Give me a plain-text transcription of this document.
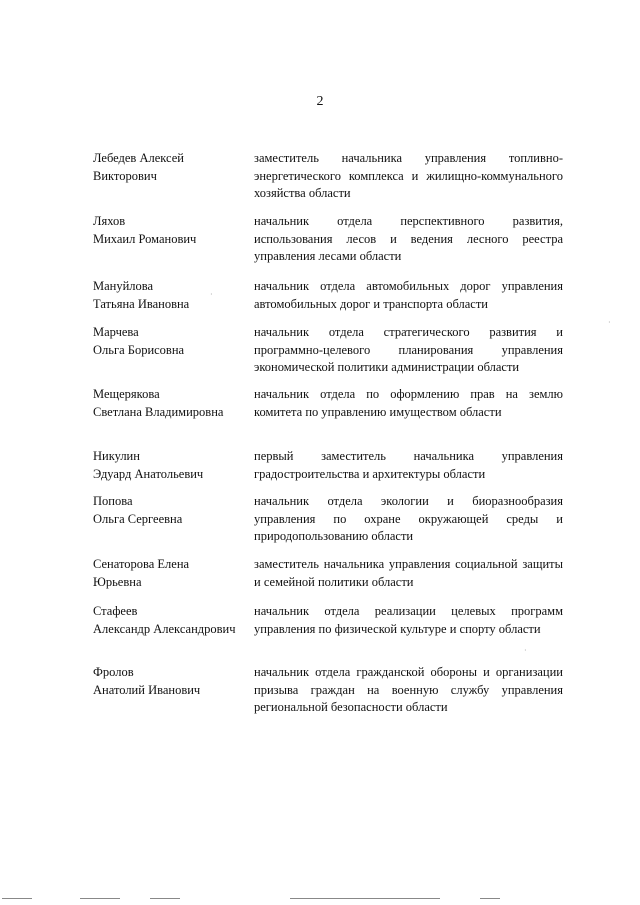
2
Лебедев Алексей
Викторович
заместитель начальника управления топливно-энергетического комплекса и жилищно-коммунального хозяйства области
Ляхов
Михаил Романович
начальник отдела перспективного развития, использования лесов и ведения лесного реестра управления лесами области
Мануйлова
Татьяна Ивановна
начальник отдела автомобильных дорог управления автомобильных дорог и транспорта области
Марчева
Ольга Борисовна
начальник отдела стратегического развития и программно-целевого планирования управления экономической политики администрации области
Мещерякова
Светлана Владимировна
начальник отдела по оформлению прав на землю комитета по управлению имуществом области
Никулин
Эдуард Анатольевич
первый заместитель начальника управления градостроительства и архитектуры области
Попова
Ольга Сергеевна
начальник отдела экологии и биоразнообразия управления по охране окружающей среды и природопользованию области
Сенаторова Елена
Юрьевна
заместитель начальника управления социальной защиты и семейной политики области
Стафеев
Александр Александрович
начальник отдела реализации целевых программ управления по физической культуре и спорту области
Фролов
Анатолий Иванович
начальник отдела гражданской обороны и организации призыва граждан на военную службу управления региональной безопасности области
·
·
·
